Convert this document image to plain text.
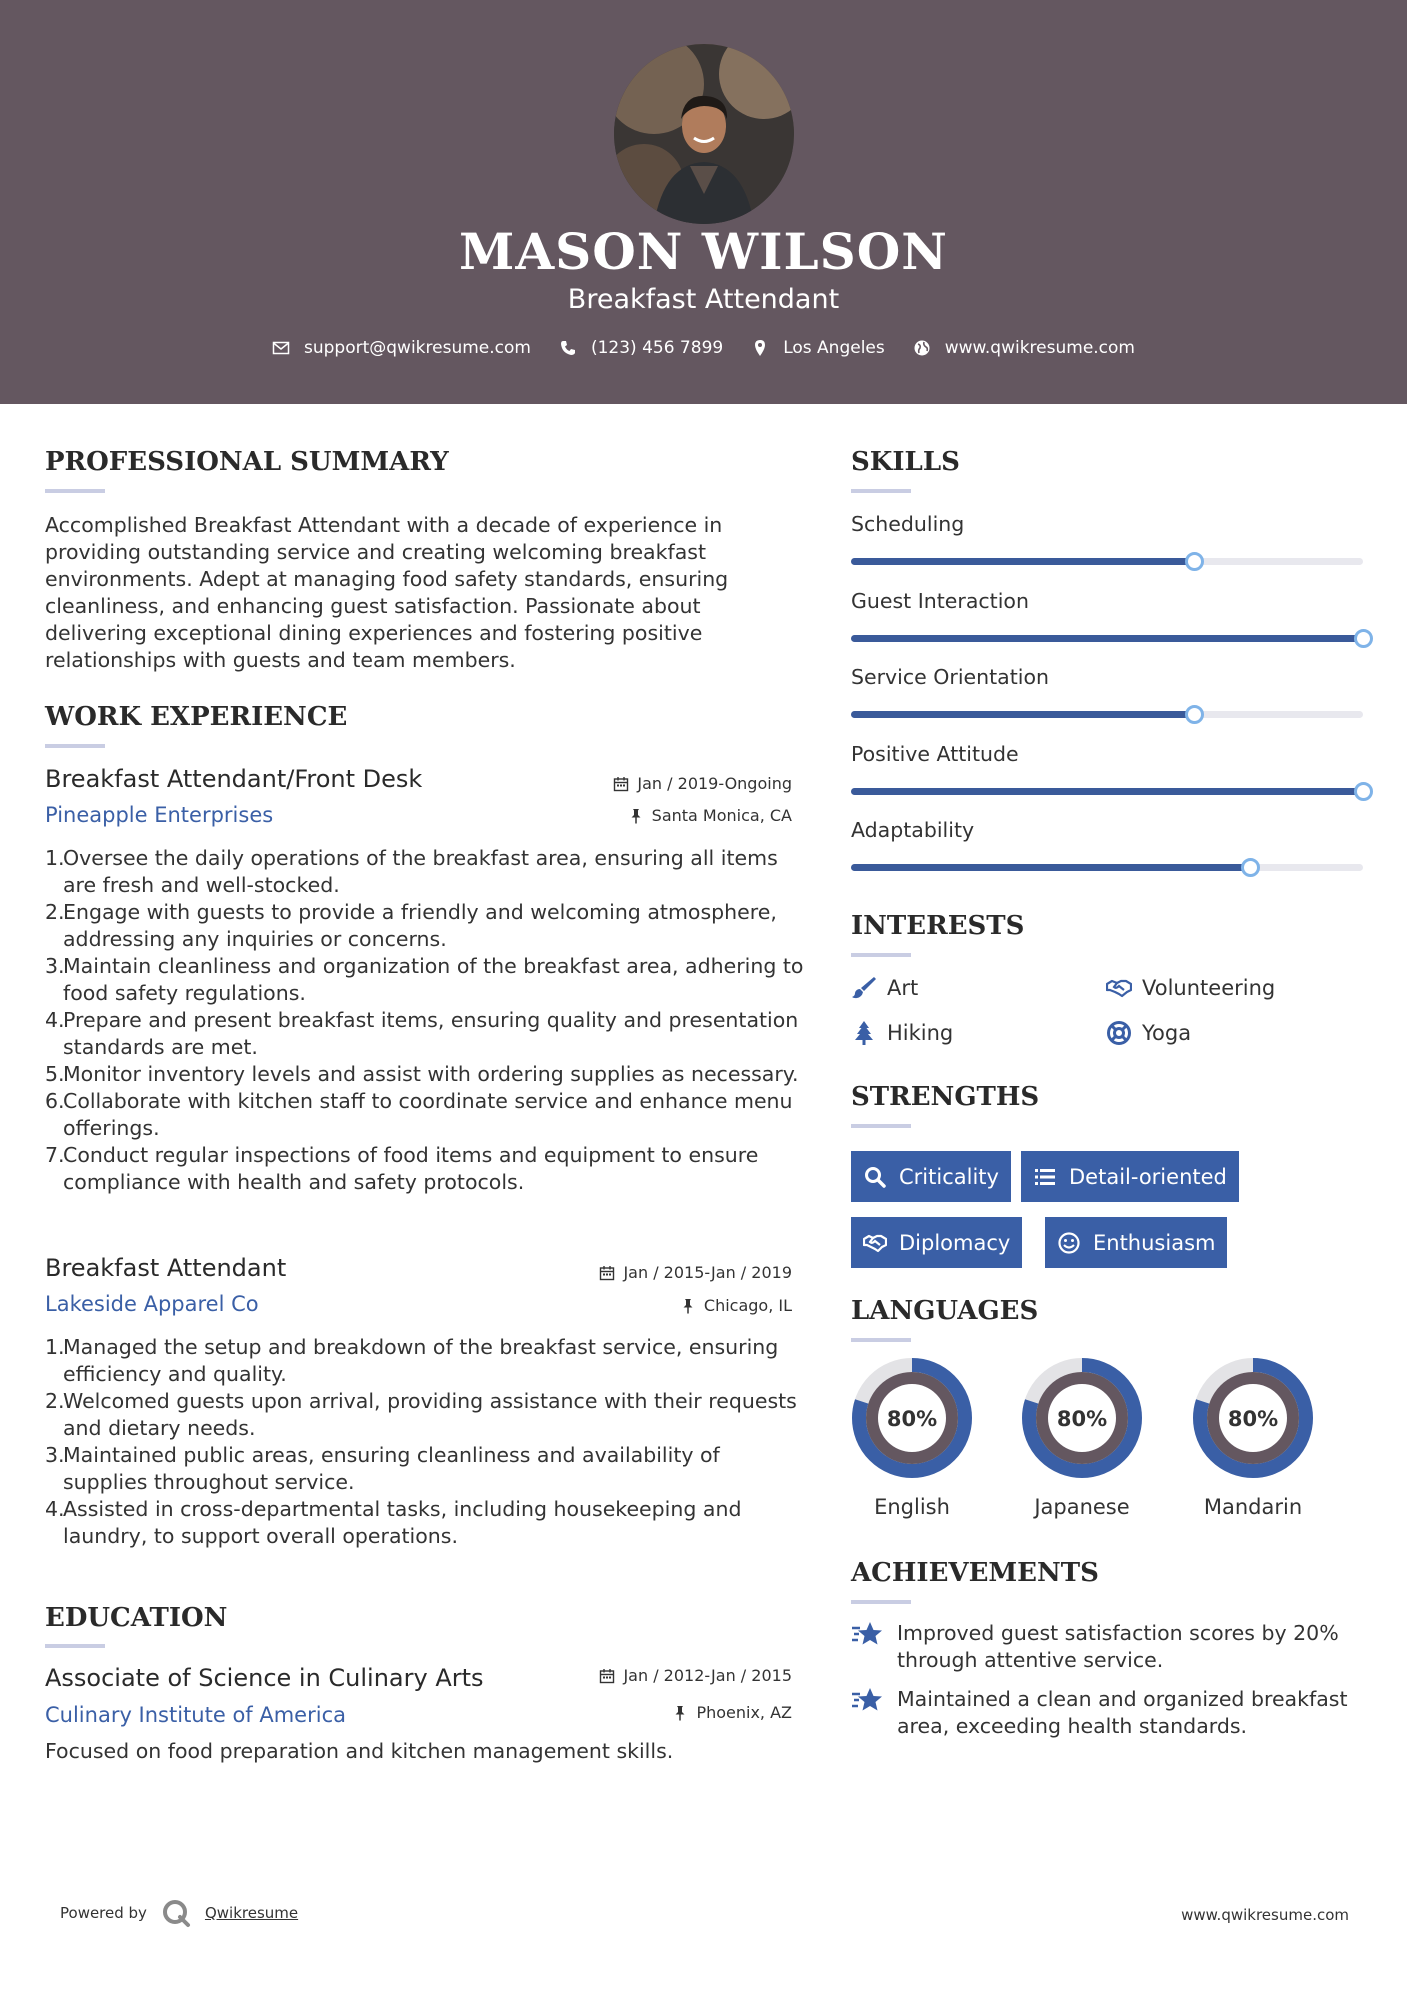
MASON WILSON
Breakfast Attendant
support@qwikresume.com	(123) 456 7899	Los Angeles	www.qwikresume.com
PROFESSIONAL SUMMARY
Accomplished Breakfast Attendant with a decade of experience in providing outstanding service and creating welcoming breakfast environments. Adept at managing food safety standards, ensuring cleanliness, and enhancing guest satisfaction. Passionate about delivering exceptional dining experiences and fostering positive relationships with guests and team members.
WORK EXPERIENCE
Breakfast Attendant/Front Desk	Jan / 2019-Ongoing
Pineapple Enterprises	Santa Monica, CA
1.
Oversee the daily operations of the breakfast area, ensuring all items are fresh and well-stocked.
2.
Engage with guests to provide a friendly and welcoming atmosphere, addressing any inquiries or concerns.
3.
Maintain cleanliness and organization of the breakfast area, adhering to food safety regulations.
4.
Prepare and present breakfast items, ensuring quality and presentation standards are met.
5.
Monitor inventory levels and assist with ordering supplies as necessary.
6.
Collaborate with kitchen staff to coordinate service and enhance menu offerings.
7.
Conduct regular inspections of food items and equipment to ensure compliance with health and safety protocols.
Breakfast Attendant	Jan / 2015-Jan / 2019
Lakeside Apparel Co	Chicago, IL
1.
Managed the setup and breakdown of the breakfast service, ensuring efficiency and quality.
2.
Welcomed guests upon arrival, providing assistance with their requests and dietary needs.
3.
Maintained public areas, ensuring cleanliness and availability of supplies throughout service.
4.
Assisted in cross-departmental tasks, including housekeeping and laundry, to support overall operations.
EDUCATION
Associate of Science in Culinary Arts	Jan / 2012-Jan / 2015
Culinary Institute of America	Phoenix, AZ
Focused on food preparation and kitchen management skills.
SKILLS
Scheduling
Guest Interaction
Service Orientation
Positive Attitude
Adaptability
INTERESTS
Art	Volunteering
Hiking	Yoga
STRENGTHS
Criticality	Detail-oriented
Diplomacy	Enthusiasm
LANGUAGES
80%
English
80%
Japanese
80%
Mandarin
ACHIEVEMENTS
Improved guest satisfaction scores by 20% through attentive service.
Maintained a clean and organized breakfast area, exceeding health standards.
Powered by	Qwikresume	www.qwikresume.com
